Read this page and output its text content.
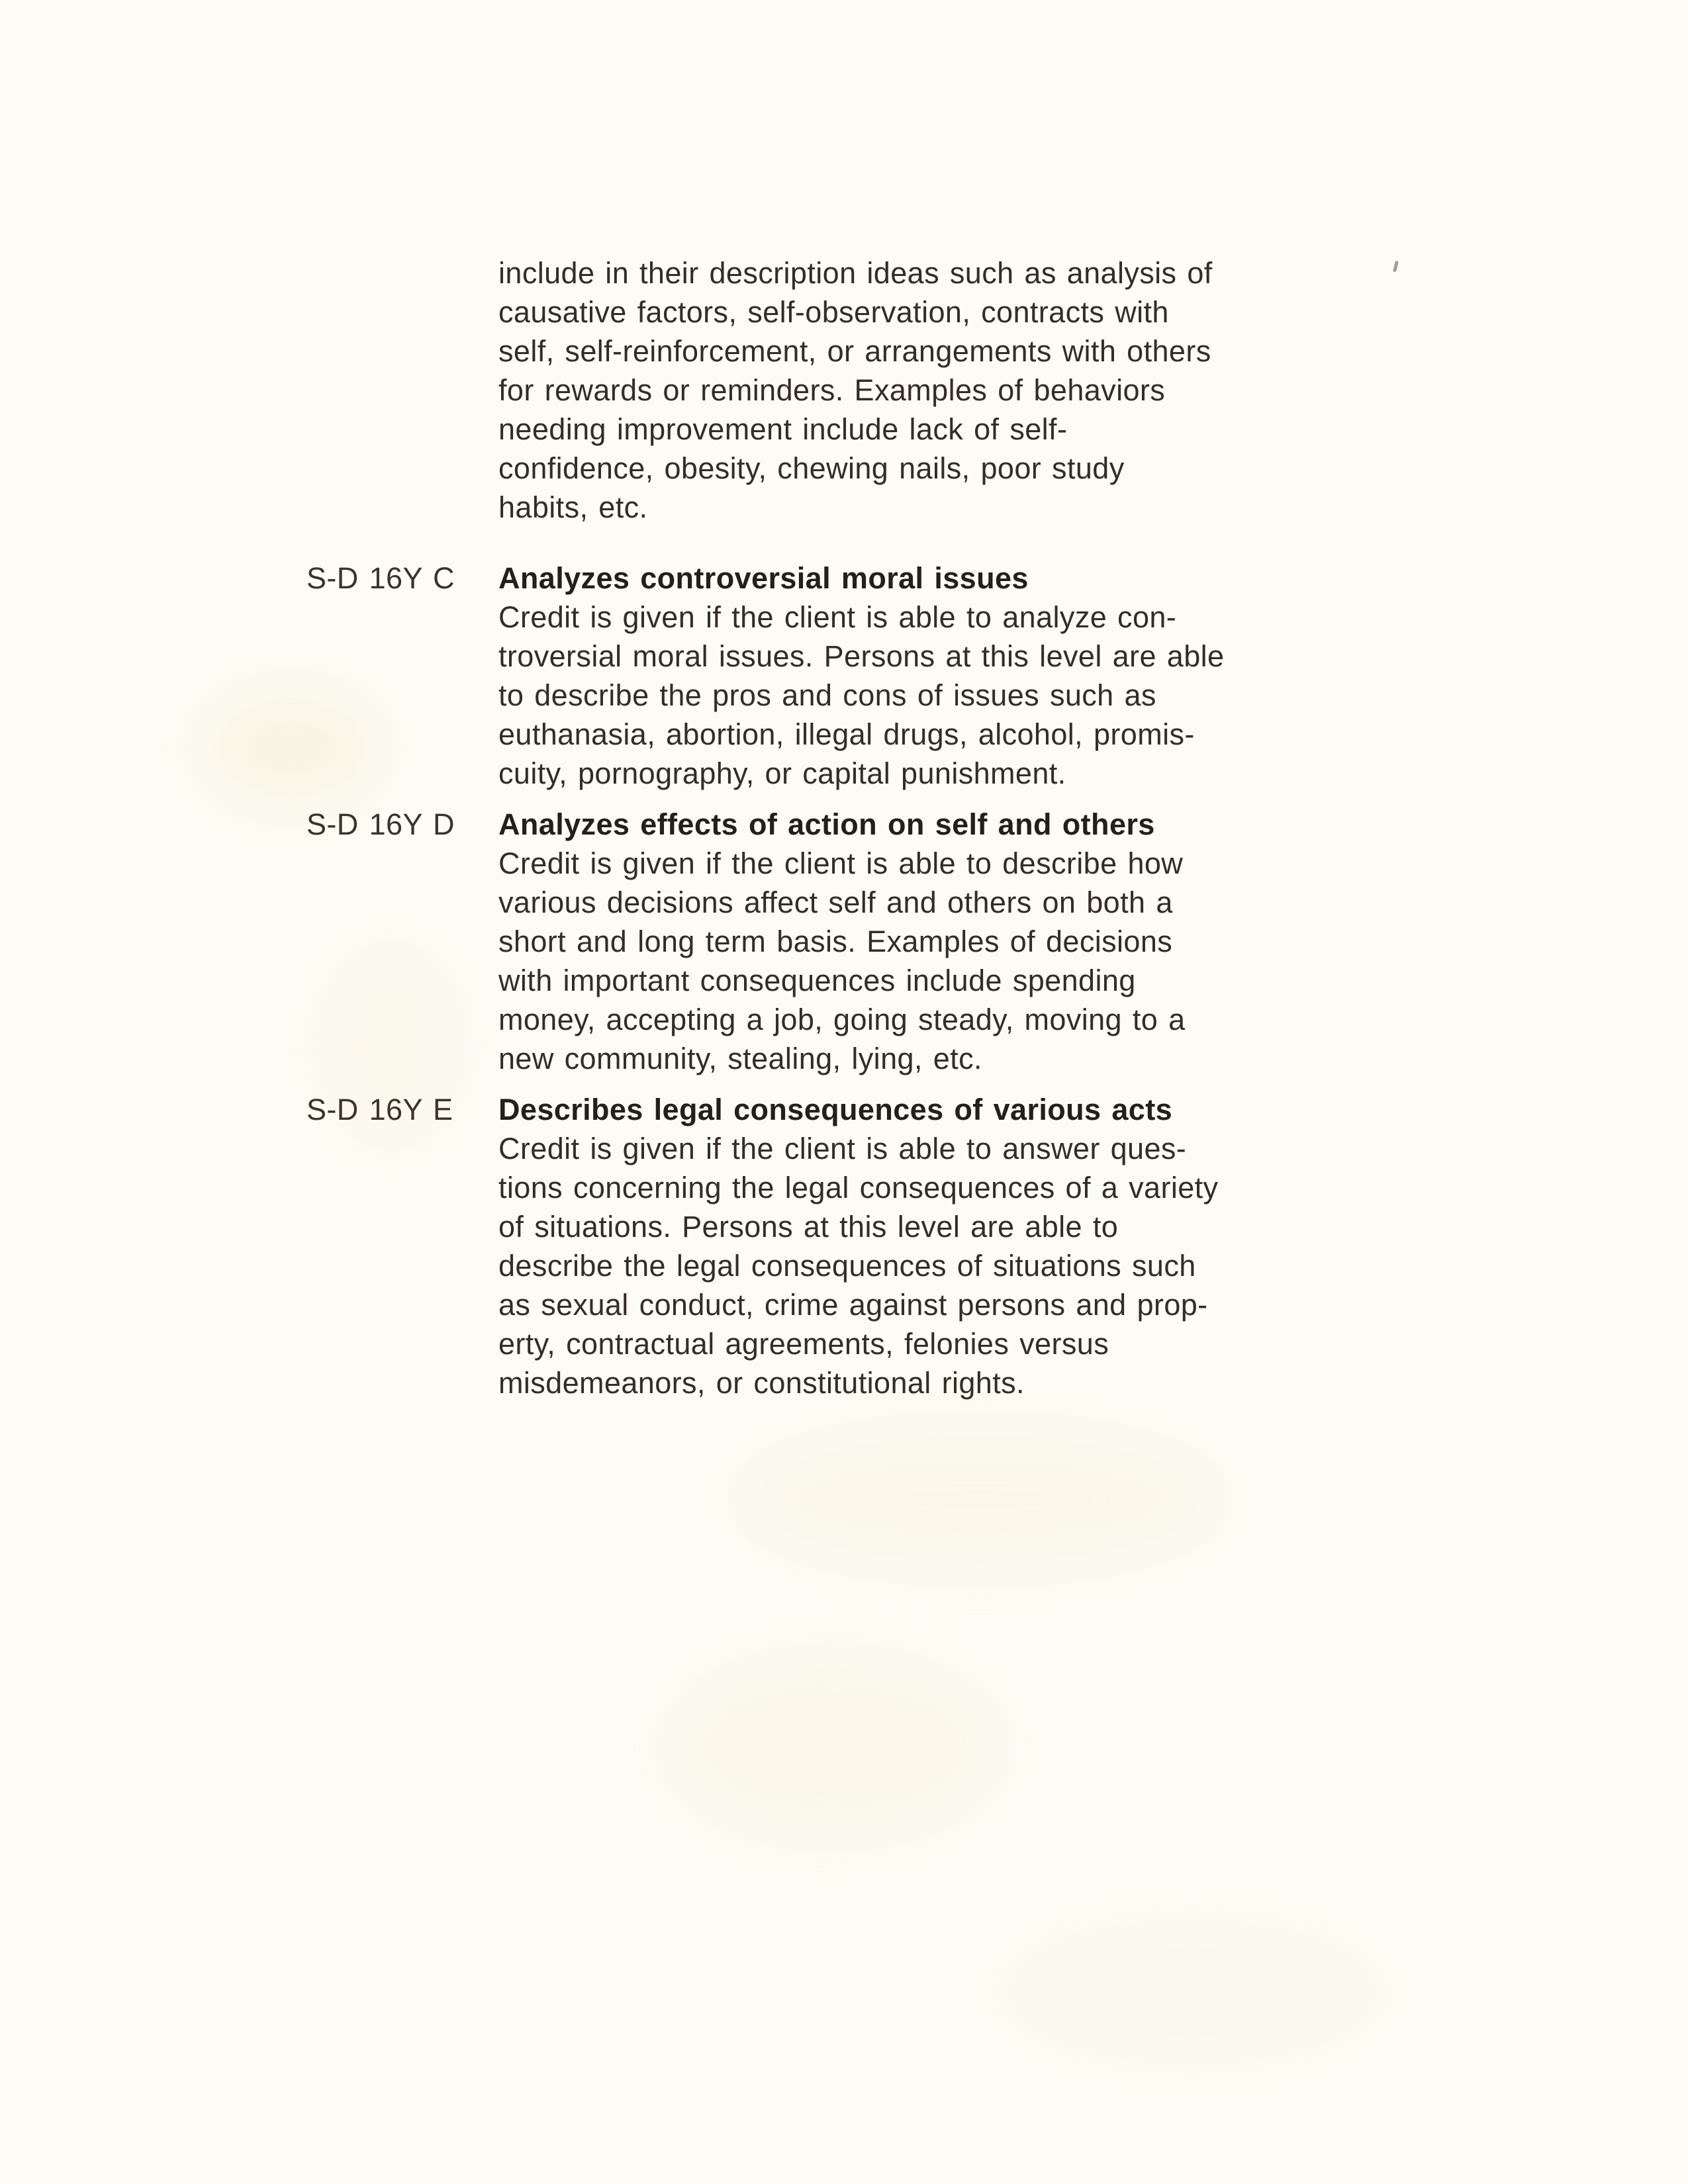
include in their description ideas such as analysis of
causative factors, self-observation, contracts with
self, self-reinforcement, or arrangements with others
for rewards or reminders. Examples of behaviors
needing improvement include lack of self-
confidence, obesity, chewing nails, poor study
habits, etc.
S-D 16Y C	Analyzes controversial moral issues
Credit is given if the client is able to analyze con-
troversial moral issues. Persons at this level are able
to describe the pros and cons of issues such as
euthanasia, abortion, illegal drugs, alcohol, promis-
cuity, pornography, or capital punishment.
S-D 16Y D	Analyzes effects of action on self and others
Credit is given if the client is able to describe how
various decisions affect self and others on both a
short and long term basis. Examples of decisions
with important consequences include spending
money, accepting a job, going steady, moving to a
new community, stealing, lying, etc.
S-D 16Y E	Describes legal consequences of various acts
Credit is given if the client is able to answer ques-
tions concerning the legal consequences of a variety
of situations. Persons at this level are able to
describe the legal consequences of situations such
as sexual conduct, crime against persons and prop-
erty, contractual agreements, felonies versus
misdemeanors, or constitutional rights.
